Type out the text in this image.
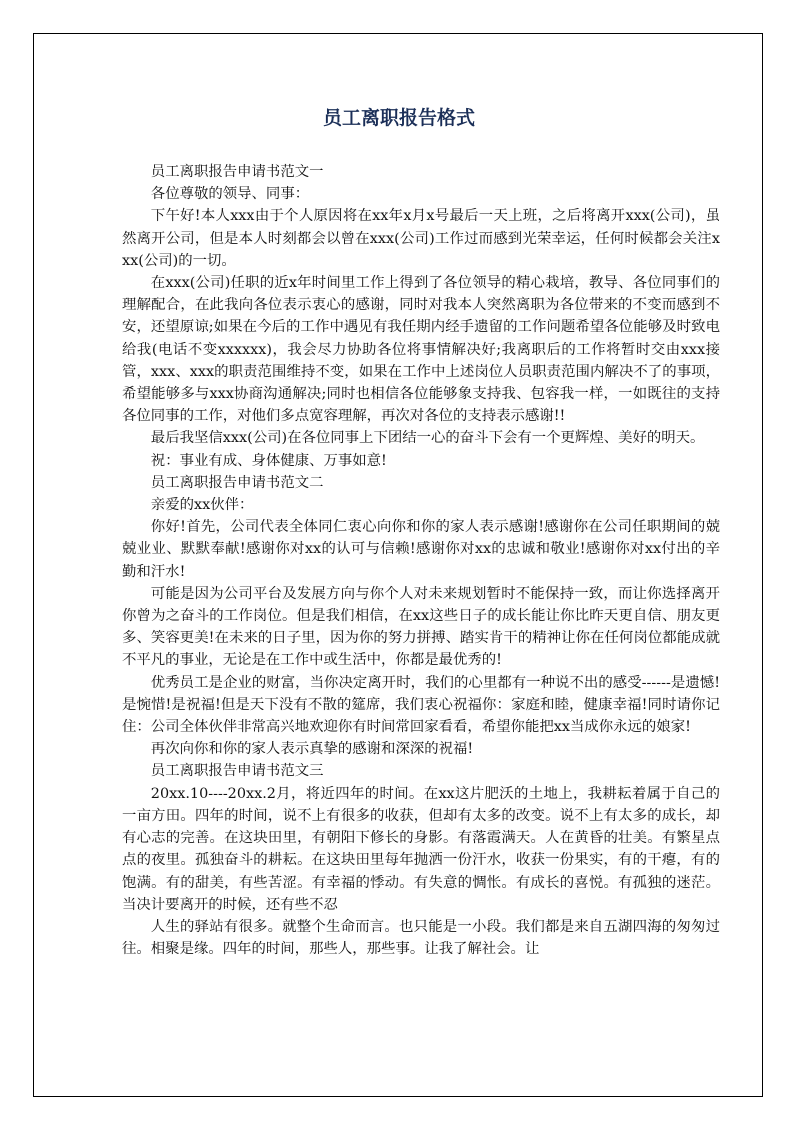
员工离职报告格式

员工离职报告申请书范文一

各位尊敬的领导、同事：

下午好!本人xxx由于个人原因将在xx年x月x号最后一天上班，之后将离开xxx(公司)，虽然离开公司，但是本人时刻都会以曾在xxx(公司)工作过而感到光荣幸运，任何时候都会关注xxx(公司)的一切。

在xxx(公司)任职的近x年时间里工作上得到了各位领导的精心栽培，教导、各位同事们的理解配合，在此我向各位表示衷心的感谢，同时对我本人突然离职为各位带来的不变而感到不安，还望原谅;如果在今后的工作中遇见有我任期内经手遗留的工作问题希望各位能够及时致电给我(电话不变xxxxxx)，我会尽力协助各位将事情解决好;我离职后的工作将暂时交由xxx接管，xxx、xxx的职责范围维持不变，如果在工作中上述岗位人员职责范围内解决不了的事项，希望能够多与xxx协商沟通解决;同时也相信各位能够象支持我、包容我一样，一如既往的支持各位同事的工作，对他们多点宽容理解，再次对各位的支持表示感谢!!

最后我坚信xxx(公司)在各位同事上下团结一心的奋斗下会有一个更辉煌、美好的明天。

祝：事业有成、身体健康、万事如意!

员工离职报告申请书范文二

亲爱的xx伙伴：

你好!首先，公司代表全体同仁衷心向你和你的家人表示感谢!感谢你在公司任职期间的兢兢业业、默默奉献!感谢你对xx的认可与信赖!感谢你对xx的忠诚和敬业!感谢你对xx付出的辛勤和汗水!

可能是因为公司平台及发展方向与你个人对未来规划暂时不能保持一致，而让你选择离开你曾为之奋斗的工作岗位。但是我们相信，在xx这些日子的成长能让你比昨天更自信、朋友更多、笑容更美!在未来的日子里，因为你的努力拼搏、踏实肯干的精神让你在任何岗位都能成就不平凡的事业，无论是在工作中或生活中，你都是最优秀的!

优秀员工是企业的财富，当你决定离开时，我们的心里都有一种说不出的感受------是遗憾!是惋惜!是祝福!但是天下没有不散的筵席，我们衷心祝福你：家庭和睦，健康幸福!同时请你记住：公司全体伙伴非常高兴地欢迎你有时间常回家看看，希望你能把xx当成你永远的娘家!

再次向你和你的家人表示真挚的感谢和深深的祝福!

员工离职报告申请书范文三

20xx.10----20xx.2月，将近四年的时间。在xx这片肥沃的土地上，我耕耘着属于自己的一亩方田。四年的时间，说不上有很多的收获，但却有太多的改变。说不上有太多的成长，却有心志的完善。在这块田里，有朝阳下修长的身影。有落霞满天。人在黄昏的壮美。有繁星点点的夜里。孤独奋斗的耕耘。在这块田里每年抛洒一份汗水，收获一份果实，有的干瘪，有的饱满。有的甜美，有些苦涩。有幸福的悸动。有失意的惆怅。有成长的喜悦。有孤独的迷茫。当决计要离开的时候，还有些不忍

人生的驿站有很多。就整个生命而言。也只能是一小段。我们都是来自五湖四海的匆匆过往。相聚是缘。四年的时间，那些人，那些事。让我了解社会。让
